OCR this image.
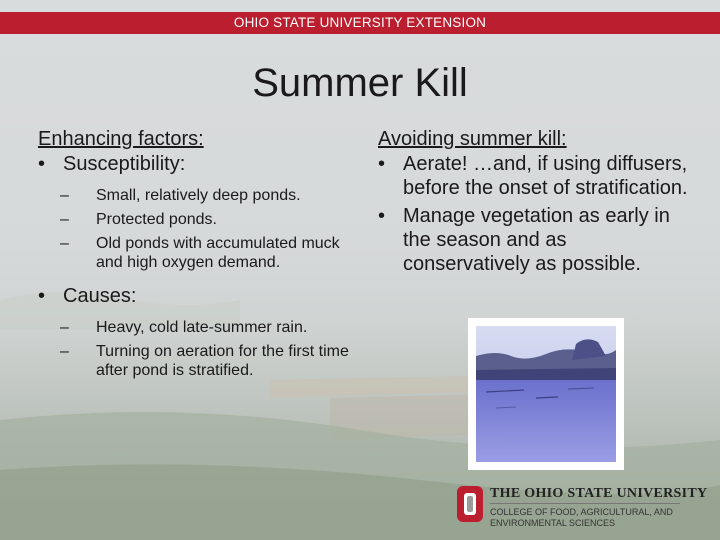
OHIO STATE UNIVERSITY EXTENSION
Summer Kill

Enhancing factors:

• Susceptibility:

– Small, relatively deep ponds.

– Protected ponds.

– Old ponds with accumulated muck and high oxygen demand.

• Causes:

– Heavy, cold late-summer rain.

– Turning on aeration for the first time after pond is stratified.

Avoiding summer kill:

• Aerate! …and, if using diffusers, before the onset of stratification.

• Manage vegetation as early in the season and as conservatively as possible.

THE OHIO STATE UNIVERSITY
COLLEGE OF FOOD, AGRICULTURAL, AND ENVIRONMENTAL SCIENCES
